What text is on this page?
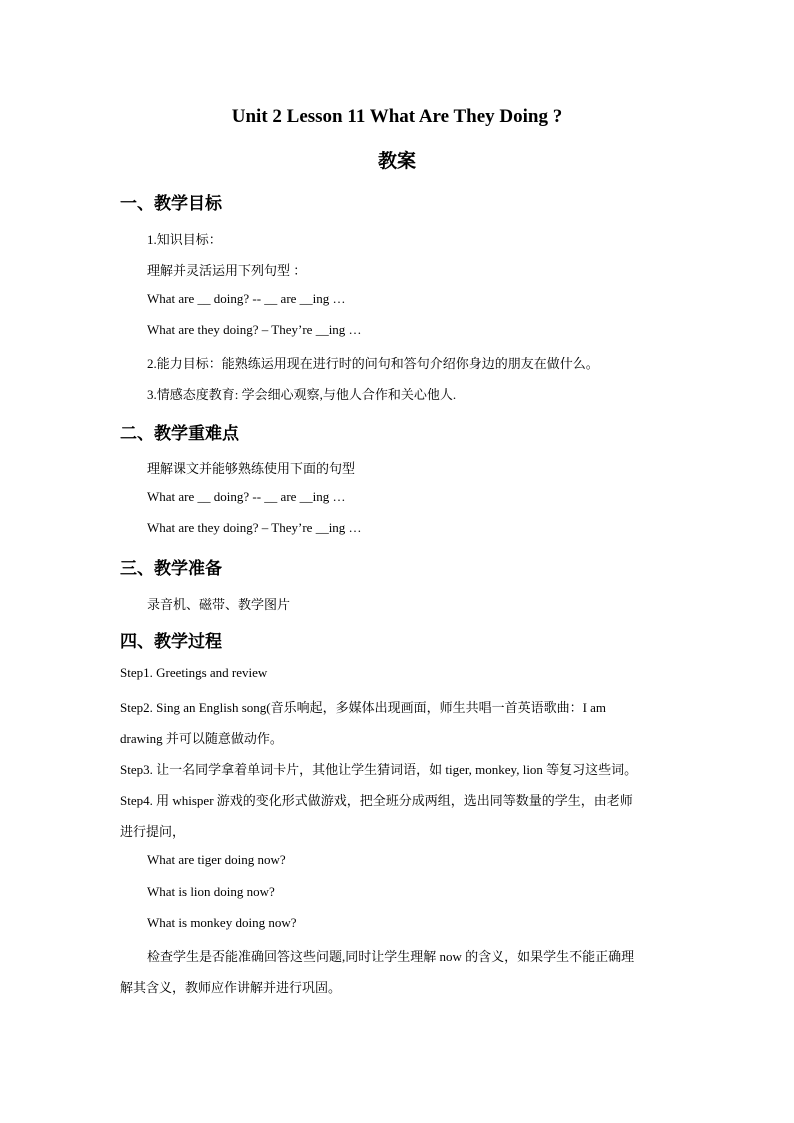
Unit 2 Lesson 11 What Are They Doing ?
教案
一、教学目标
1.知识目标：
理解并灵活运用下列句型 ：
What are __ doing? -- __ are __ing …
What are they doing? – They’re __ing …
2.能力目标：能熟练运用现在进行时的问句和答句介绍你身边的朋友在做什么。
3.情感态度教育: 学会细心观察,与他人合作和关心他人.
二、教学重难点
理解课文并能够熟练使用下面的句型
What are __ doing? -- __ are __ing …
What are they doing? – They’re __ing …
三、教学准备
录音机、磁带、教学图片
四、教学过程
Step1. Greetings and review
Step2. Sing an English song(音乐响起，多媒体出现画面，师生共唱一首英语歌曲：I am
drawing 并可以随意做动作。
Step3. 让一名同学拿着单词卡片，其他让学生猜词语，如 tiger, monkey, lion 等复习这些词。
Step4. 用 whisper 游戏的变化形式做游戏，把全班分成两组，选出同等数量的学生，由老师
进行提问，
What are tiger doing now?
What is lion doing now?
What is monkey doing now?
检查学生是否能准确回答这些问题,同时让学生理解 now 的含义，如果学生不能正确理
解其含义，教师应作讲解并进行巩固。
